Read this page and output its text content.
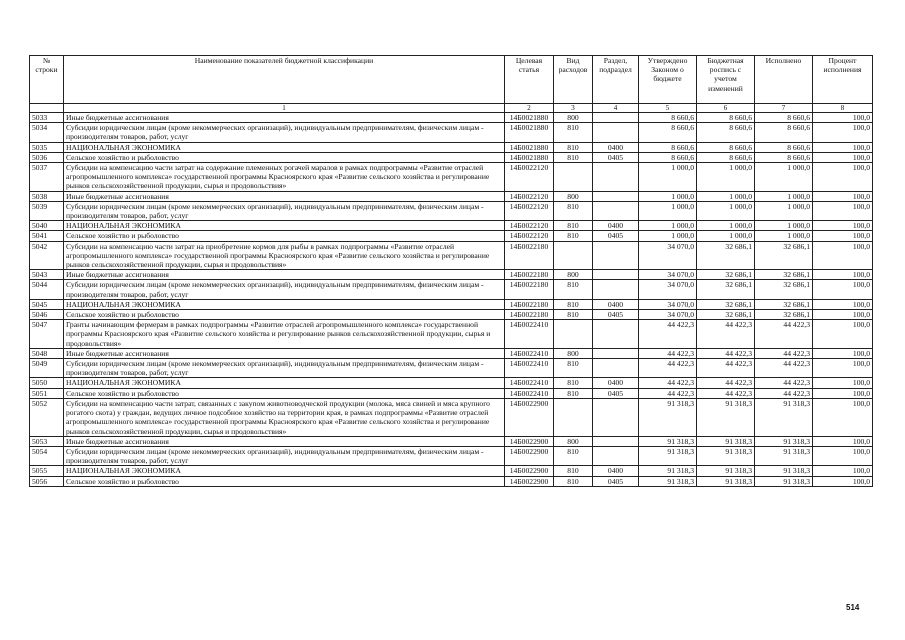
№ строки	Наименование показателей бюджетной классификации	Целевая статья	Вид расходов	Раздел, подраздел	Утверждено Законом о бюджете	Бюджетная роспись с учетом изменений	Исполнено	Процент исполнения
	1	2	3	4	5	6	7	8
5033	Иные бюджетные ассигнования	14Б0021880	800		8 660,6	8 660,6	8 660,6	100,0
5034	Субсидии юридическим лицам (кроме некоммерческих организаций), индивидуальным предпринимателям, физическим лицам - производителям товаров, работ, услуг	14Б0021880	810		8 660,6	8 660,6	8 660,6	100,0
5035	НАЦИОНАЛЬНАЯ ЭКОНОМИКА	14Б0021880	810	0400	8 660,6	8 660,6	8 660,6	100,0
5036	Сельское хозяйство и рыболовство	14Б0021880	810	0405	8 660,6	8 660,6	8 660,6	100,0
5037	Субсидии на компенсацию части затрат на содержание племенных рогачей маралов в рамках подпрограммы «Развитие отраслей агропромышленного комплекса» государственной программы Красноярского края «Развитие сельского хозяйства и регулирование рынков сельскохозяйственной продукции, сырья и продовольствия»	14Б0022120			1 000,0	1 000,0	1 000,0	100,0
5038	Иные бюджетные ассигнования	14Б0022120	800		1 000,0	1 000,0	1 000,0	100,0
5039	Субсидии юридическим лицам (кроме некоммерческих организаций), индивидуальным предпринимателям, физическим лицам - производителям товаров, работ, услуг	14Б0022120	810		1 000,0	1 000,0	1 000,0	100,0
5040	НАЦИОНАЛЬНАЯ ЭКОНОМИКА	14Б0022120	810	0400	1 000,0	1 000,0	1 000,0	100,0
5041	Сельское хозяйство и рыболовство	14Б0022120	810	0405	1 000,0	1 000,0	1 000,0	100,0
5042	Субсидии на компенсацию части затрат на приобретение кормов для рыбы в рамках подпрограммы «Развитие отраслей агропромышленного комплекса» государственной программы Красноярского края «Развитие сельского хозяйства и регулирование рынков сельскохозяйственной продукции, сырья и продовольствия»	14Б0022180			34 070,0	32 686,1	32 686,1	100,0
5043	Иные бюджетные ассигнования	14Б0022180	800		34 070,0	32 686,1	32 686,1	100,0
5044	Субсидии юридическим лицам (кроме некоммерческих организаций), индивидуальным предпринимателям, физическим лицам - производителям товаров, работ, услуг	14Б0022180	810		34 070,0	32 686,1	32 686,1	100,0
5045	НАЦИОНАЛЬНАЯ ЭКОНОМИКА	14Б0022180	810	0400	34 070,0	32 686,1	32 686,1	100,0
5046	Сельское хозяйство и рыболовство	14Б0022180	810	0405	34 070,0	32 686,1	32 686,1	100,0
5047	Гранты начинающим фермерам в рамках подпрограммы «Развитие отраслей агропромышленного комплекса» государственной программы Красноярского края «Развитие сельского хозяйства и регулирование рынков сельскохозяйственной продукции, сырья и продовольствия»	14Б0022410			44 422,3	44 422,3	44 422,3	100,0
5048	Иные бюджетные ассигнования	14Б0022410	800		44 422,3	44 422,3	44 422,3	100,0
5049	Субсидии юридическим лицам (кроме некоммерческих организаций), индивидуальным предпринимателям, физическим лицам - производителям товаров, работ, услуг	14Б0022410	810		44 422,3	44 422,3	44 422,3	100,0
5050	НАЦИОНАЛЬНАЯ ЭКОНОМИКА	14Б0022410	810	0400	44 422,3	44 422,3	44 422,3	100,0
5051	Сельское хозяйство и рыболовство	14Б0022410	810	0405	44 422,3	44 422,3	44 422,3	100,0
5052	Субсидии на компенсацию части затрат, связанных с закупом животноводческой продукции (молока, мяса свиней и мяса крупного рогатого скота) у граждан, ведущих личное подсобное хозяйство на территории края, в рамках подпрограммы «Развитие отраслей агропромышленного комплекса» государственной программы Красноярского края «Развитие сельского хозяйства и регулирование рынков сельскохозяйственной продукции, сырья и продовольствия»	14Б0022900			91 318,3	91 318,3	91 318,3	100,0
5053	Иные бюджетные ассигнования	14Б0022900	800		91 318,3	91 318,3	91 318,3	100,0
5054	Субсидии юридическим лицам (кроме некоммерческих организаций), индивидуальным предпринимателям, физическим лицам - производителям товаров, работ, услуг	14Б0022900	810		91 318,3	91 318,3	91 318,3	100,0
5055	НАЦИОНАЛЬНАЯ ЭКОНОМИКА	14Б0022900	810	0400	91 318,3	91 318,3	91 318,3	100,0
5056	Сельское хозяйство и рыболовство	14Б0022900	810	0405	91 318,3	91 318,3	91 318,3	100,0
514
